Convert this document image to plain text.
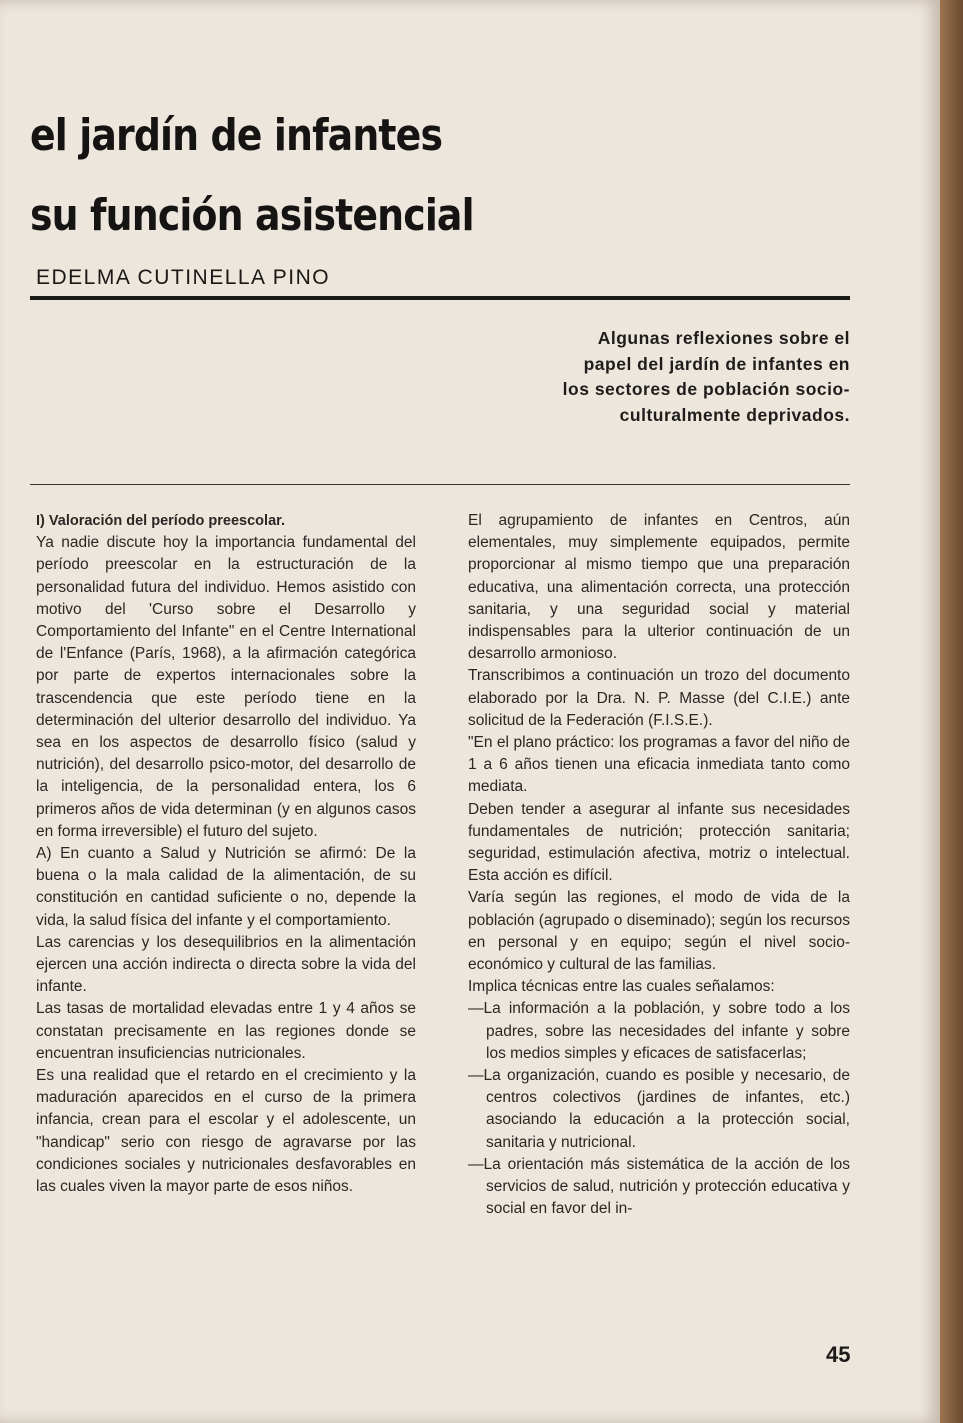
el jardín de infantes
su función asistencial
EDELMA CUTINELLA PINO
Algunas reflexiones sobre el papel del jardín de infantes en los sectores de población socio-culturalmente deprivados.

I) Valoración del período preescolar.

Ya nadie discute hoy la importancia fundamental del período preescolar en la estructuración de la personalidad futura del individuo. Hemos asistido con motivo del 'Curso sobre el Desarrollo y Comportamiento del Infante" en el Centre International de l'Enfance (París, 1968), a la afirmación categórica por parte de expertos internacionales sobre la trascendencia que este período tiene en la determinación del ulterior desarrollo del individuo. Ya sea en los aspectos de desarrollo físico (salud y nutrición), del desarrollo psico-motor, del desarrollo de la inteligencia, de la personalidad entera, los 6 primeros años de vida determinan (y en algunos casos en forma irreversible) el futuro del sujeto.

A) En cuanto a Salud y Nutrición se afirmó: De la buena o la mala calidad de la alimentación, de su constitución en cantidad suficiente o no, depende la vida, la salud física del infante y el comportamiento.

Las carencias y los desequilibrios en la alimentación ejercen una acción indirecta o directa sobre la vida del infante.

Las tasas de mortalidad elevadas entre 1 y 4 años se constatan precisamente en las regiones donde se encuentran insuficiencias nutricionales.

Es una realidad que el retardo en el crecimiento y la maduración aparecidos en el curso de la primera infancia, crean para el escolar y el adolescente, un "handicap" serio con riesgo de agravarse por las condiciones sociales y nutricionales desfavorables en las cuales viven la mayor parte de esos niños.

El agrupamiento de infantes en Centros, aún elementales, muy simplemente equipados, permite proporcionar al mismo tiempo que una preparación educativa, una alimentación correcta, una protección sanitaria, y una seguridad social y material indispensables para la ulterior continuación de un desarrollo armonioso.

Transcribimos a continuación un trozo del documento elaborado por la Dra. N. P. Masse (del C.I.E.) ante solicitud de la Federación (F.I.S.E.).

"En el plano práctico: los programas a favor del niño de 1 a 6 años tienen una eficacia inmediata tanto como mediata.

Deben tender a asegurar al infante sus necesidades fundamentales de nutrición; protección sanitaria; seguridad, estimulación afectiva, motriz o intelectual. Esta acción es difícil.

Varía según las regiones, el modo de vida de la población (agrupado o diseminado); según los recursos en personal y en equipo; según el nivel socio-económico y cultural de las familias.

Implica técnicas entre las cuales señalamos:

—La información a la población, y sobre todo a los padres, sobre las necesidades del infante y sobre los medios simples y eficaces de satisfacerlas;

—La organización, cuando es posible y necesario, de centros colectivos (jardines de infantes, etc.) asociando la educación a la protección social, sanitaria y nutricional.

—La orientación más sistemática de la acción de los servicios de salud, nutrición y protección educativa y social en favor del in-

45
